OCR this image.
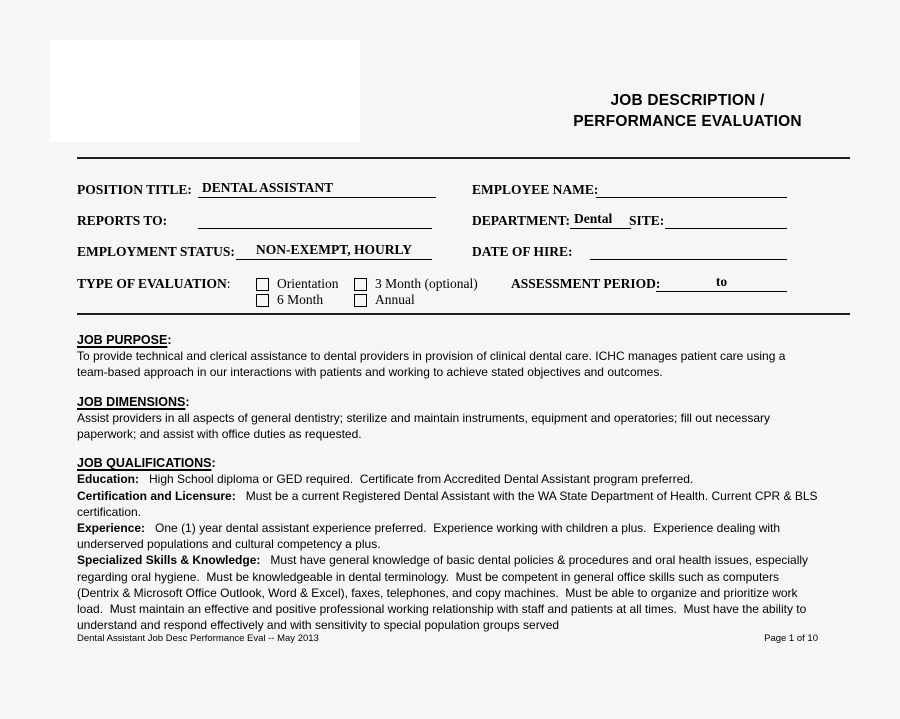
JOB DESCRIPTION /
PERFORMANCE EVALUATION
POSITION TITLE: DENTAL ASSISTANT	EMPLOYEE NAME:
REPORTS TO:	DEPARTMENT: Dental	SITE:
EMPLOYMENT STATUS:	NON-EXEMPT, HOURLY	DATE OF HIRE:
TYPE OF EVALUATION:	Orientation	3 Month (optional)
6 Month	Annual
ASSESSMENT PERIOD:	to
JOB PURPOSE:
To provide technical and clerical assistance to dental providers in provision of clinical dental care. ICHC manages patient care using a team-based approach in our interactions with patients and working to achieve stated objectives and outcomes.
JOB DIMENSIONS:
Assist providers in all aspects of general dentistry; sterilize and maintain instruments, equipment and operatories; fill out necessary paperwork; and assist with office duties as requested.
JOB QUALIFICATIONS:
Education:   High School diploma or GED required.  Certificate from Accredited Dental Assistant program preferred.
Certification and Licensure:   Must be a current Registered Dental Assistant with the WA State Department of Health. Current CPR & BLS certification.
Experience:   One (1) year dental assistant experience preferred.  Experience working with children a plus.  Experience dealing with underserved populations and cultural competency a plus.
Specialized Skills & Knowledge:   Must have general knowledge of basic dental policies & procedures and oral health issues, especially regarding oral hygiene.  Must be knowledgeable in dental terminology.  Must be competent in general office skills such as computers (Dentrix & Microsoft Office Outlook, Word & Excel), faxes, telephones, and copy machines.  Must be able to organize and prioritize work load.  Must maintain an effective and positive professional working relationship with staff and patients at all times.  Must have the ability to understand and respond effectively and with sensitivity to special population groups served
Dental Assistant Job Desc Performance Eval -- May 2013	Page 1 of 10
